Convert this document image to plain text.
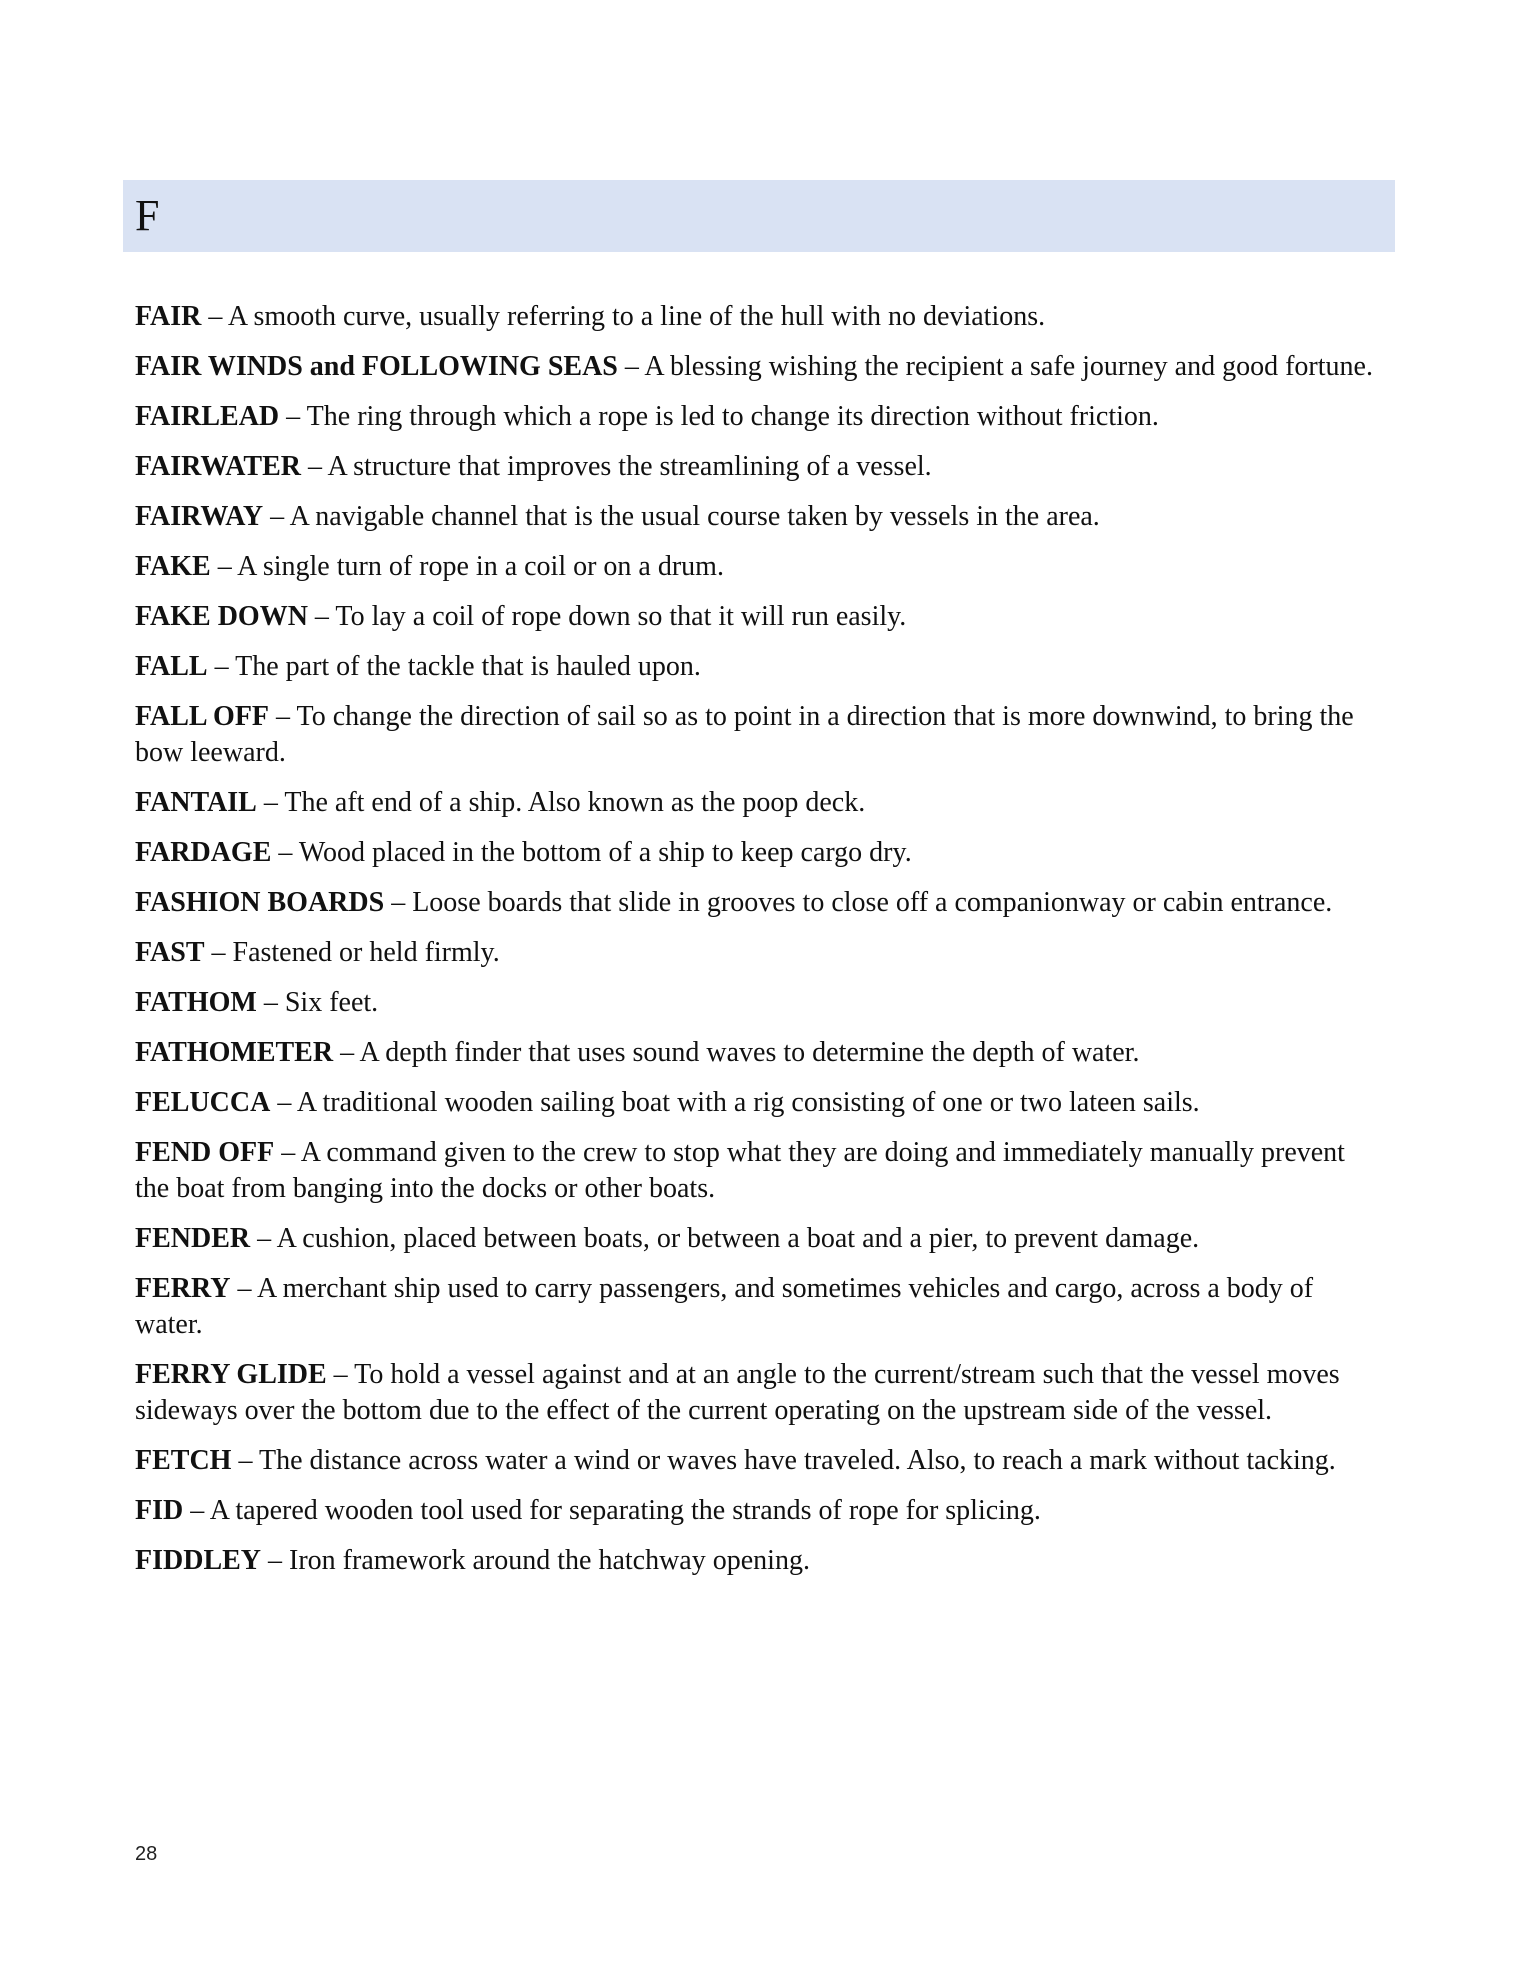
F

FAIR – A smooth curve, usually referring to a line of the hull with no deviations.

FAIR WINDS and FOLLOWING SEAS – A blessing wishing the recipient a safe journey and good fortune.

FAIRLEAD – The ring through which a rope is led to change its direction without friction.

FAIRWATER – A structure that improves the streamlining of a vessel.

FAIRWAY – A navigable channel that is the usual course taken by vessels in the area.

FAKE – A single turn of rope in a coil or on a drum.

FAKE DOWN – To lay a coil of rope down so that it will run easily.

FALL – The part of the tackle that is hauled upon.

FALL OFF – To change the direction of sail so as to point in a direction that is more downwind, to bring the bow leeward.

FANTAIL – The aft end of a ship. Also known as the poop deck.

FARDAGE – Wood placed in the bottom of a ship to keep cargo dry.

FASHION BOARDS – Loose boards that slide in grooves to close off a companionway or cabin entrance.

FAST – Fastened or held firmly.

FATHOM – Six feet.

FATHOMETER – A depth finder that uses sound waves to determine the depth of water.

FELUCCA – A traditional wooden sailing boat with a rig consisting of one or two lateen sails.

FEND OFF – A command given to the crew to stop what they are doing and immediately manually prevent the boat from banging into the docks or other boats.

FENDER – A cushion, placed between boats, or between a boat and a pier, to prevent damage.

FERRY – A merchant ship used to carry passengers, and sometimes vehicles and cargo, across a body of water.

FERRY GLIDE – To hold a vessel against and at an angle to the current/stream such that the vessel moves sideways over the bottom due to the effect of the current operating on the upstream side of the vessel.

FETCH – The distance across water a wind or waves have traveled. Also, to reach a mark without tacking.

FID – A tapered wooden tool used for separating the strands of rope for splicing.

FIDDLEY – Iron framework around the hatchway opening.

28
